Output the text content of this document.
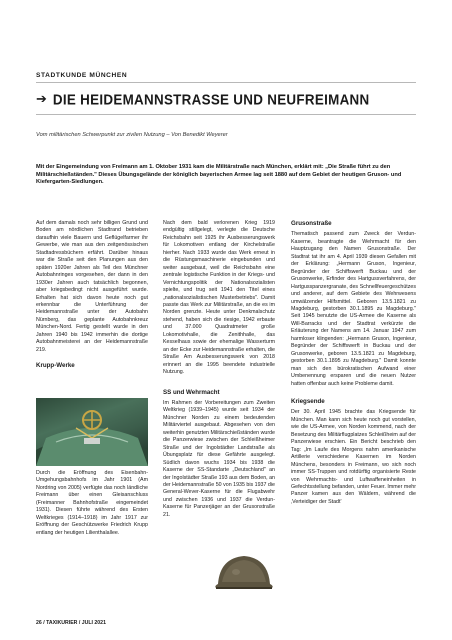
STADTKUNDE MÜNCHEN
➔ DIE HEIDEMANNSTRASSE UND NEUFREIMANN
Vom militärischen Schwerpunkt zur zivilen Nutzung – Von Benedikt Weyerer

Mit der Eingemeindung von Freimann am 1. Oktober 1931 kam die Militärstraße nach München, erklärt mit: „Die Straße führt zu den Militärschießständen." Dieses Übungsgelände der königlich bayerischen Armee lag seit 1880 auf dem Gebiet der heutigen Gruson- und Kiefergarten-Siedlungen.

Auf dem damals noch sehr billigen Grund und Boden am nördlichen Stadtrand betrieben daraufhin viele Bauern und Geflügelfarmer ihr Gewerbe, wie man aus den zeitgenössischen Stadtadressbüchern erfährt. Darüber hinaus war die Straße seit den Planungen aus den späten 1920er Jahren als Teil des Münchner Autobahnringes vorgesehen, der dann in den 1930er Jahren auch tatsächlich begonnen, aber kriegsbedingt nicht ausgeführt wurde. Erhalten hat sich davon heute noch gut erkennbar die Unterführung der Heidemannstraße unter der Autobahn Nürnberg, das geplante Autobahnkreuz München-Nord. Fertig gestellt wurde in den Jahren 1940 bis 1942 immerhin die dortige Autobahnmeisterei an der Heidemannstraße 219.

Krupp-Werke

Durch die Eröffnung des Eisenbahn-Umgehungsbahnhofs im Jahr 1901 (Am Nordring von 2005) verfügte das noch ländliche Freimann über einen Gleisanschluss (Freimanner Bahnhofstraße eingemeindet 1931). Diesen führte während des Ersten Weltkrieges (1914–1918) im Jahr 1917 zur Eröffnung der Geschützwerke Friedrich Krupp entlang der heutigen Lilienthalallee.

Nach dem bald verlorenen Krieg 1919 endgültig stillgelegt, verlegte die Deutsche Reichsbahn seit 1925 ihr Ausbesserungswerk für Lokomotiven entlang der Kirchelstraße hierher. Nach 1933 wurde das Werk erneut in die Rüstungsmaschinerie eingebunden und weiter ausgebaut, weil die Reichsbahn eine zentrale logistische Funktion in der Kriegs- und Vernichtungspolitik der Nationalsozialisten spielte, und trug seit 1941 den Titel eines „nationalsozialistischen Musterbetriebs". Damit passte das Werk zur Militärstraße, an die es im Norden grenzte. Heute unter Denkmalschutz stehend, haben sich die riesige, 1942 erbaute und 37.000 Quadratmeter große Lokomotivhalle, die Zenithhalle, das Kesselhaus sowie der ehemalige Wasserturm an der Ecke zur Heidemannstraße erhalten, die Straße Am Ausbesserungswerk von 2018 erinnert an die 1995 beendete industrielle Nutzung.

SS und Wehrmacht

Im Rahmen der Vorbereitungen zum Zweiten Weltkrieg (1939–1945) wurde seit 1934 der Münchner Norden zu einem bedeutenden Militärviertel ausgebaut. Abgesehen von den weiterhin genutzten Militärschießständen wurde die Panzerwiese zwischen der Schleißheimer Straße und der Ingolstädter Landstraße als Übungsplatz für diese Gefährte ausgelegt. Südlich davon wuchs 1934 bis 1938 die Kaserne der SS-Standarte „Deutschland" an der Ingolstädter Straße 193 aus dem Boden, an der Heidemannstraße 50 von 1935 bis 1937 die General-Wever-Kaserne für die Flugabwehr und zwischen 1936 und 1937 die Verdun-Kaserne für Panzerjäger an der Grusonstraße 21.

Grusonstraße

Thematisch passend zum Zweck der Verdun-Kaserne, beantragte die Wehrmacht für den Hauptzugang den Namen Grusonstraße. Der Stadtrat tat ihr am 4. April 1939 diesen Gefallen mit der Erklärung: „Hermann Gruson, Ingenieur, Begründer der Schiffswerft Buckau und der Grusonwerke, Erfinder des Hartgussverfahrens, der Hartgusspanzergranate, des Schnellfeuergeschützes und anderer, auf dem Gebiete des Wehrwesens umwälzender Hilfsmittel. Geboren 13.5.1821 zu Magdeburg, gestorben 30.1.1895 zu Magdeburg." Seit 1945 benutzte die US-Armee die Kaserne als Will-Barracks und der Stadtrat verkürzte die Erläuterung der Namens am 14. Januar 1947 zum harmloser klingenden: „Hermann Gruson, Ingenieur, Begründer der Schiffswerft in Buckau und der Grusonwerke, geboren 13.5.1821 zu Magdeburg, gestorben 30.1.1895 zu Magdeburg." Damit konnte man sich den bürokratischen Aufwand einer Umbenennung ersparen und die neuen Nutzer hatten offenbar auch keine Probleme damit.

Kriegsende

Der 30. April 1945 brachte das Kriegsende für München. Man kann sich heute noch gut vorstellen, wie die US-Armee, von Norden kommend, nach der Besetzung des Militärflugplatzes Schleißheim auf der Panzerwiese erschien. Ein Bericht beschrieb den Tag: „Im Laufe des Morgens nahm amerikanische Artillerie verschiedene Kasernen im Norden Münchens, besonders in Freimann, wo sich noch immer SS-Truppen und rotdürftig organisierte Reste von Wehrmachts- und Luftwaffeneinheiten in Gefechtsstellung befanden, unter Feuer. Immer mehr Panzer kamen aus den Wäldern, während die ‚Verteidiger der Stadt'

26 / TAXIKURIER / JULI 2021
